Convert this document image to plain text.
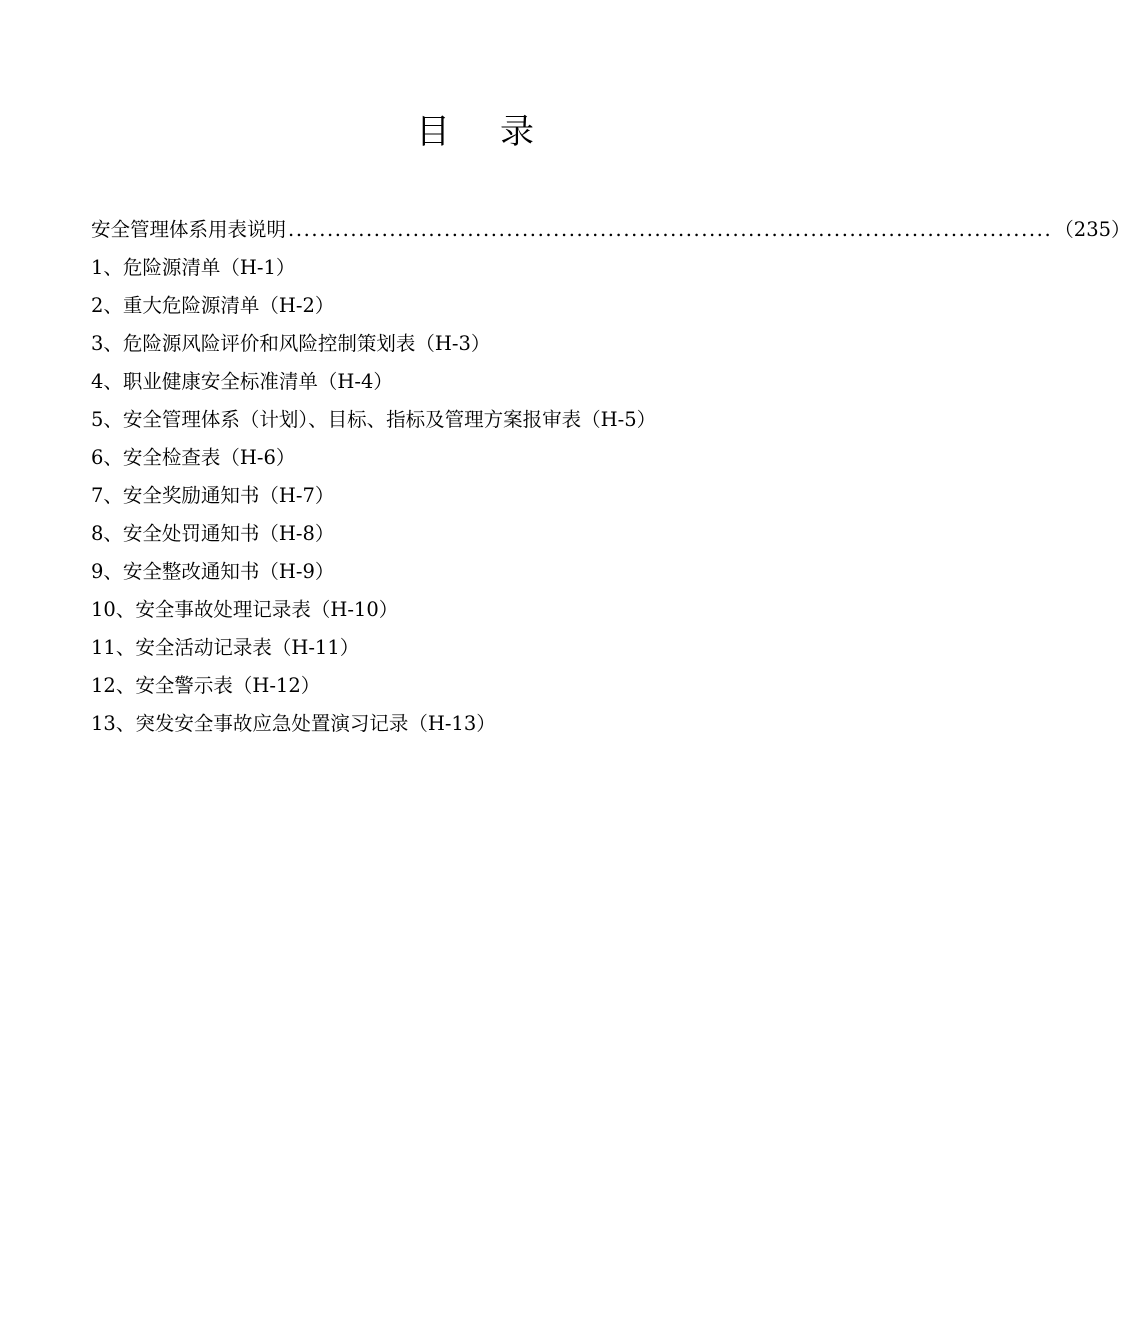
目 录
安全管理体系用表说明 .................................................................................................. （235）
1、危险源清单（H-1）
2、重大危险源清单（H-2）
3、危险源风险评价和风险控制策划表（H-3）
4、职业健康安全标准清单（H-4）
5、安全管理体系（计划）、目标、指标及管理方案报审表（H-5）
6、安全检查表（H-6）
7、安全奖励通知书（H-7）
8、安全处罚通知书（H-8）
9、安全整改通知书（H-9）
10、安全事故处理记录表（H-10）
11、安全活动记录表（H-11）
12、安全警示表（H-12）
13、突发安全事故应急处置演习记录（H-13）
